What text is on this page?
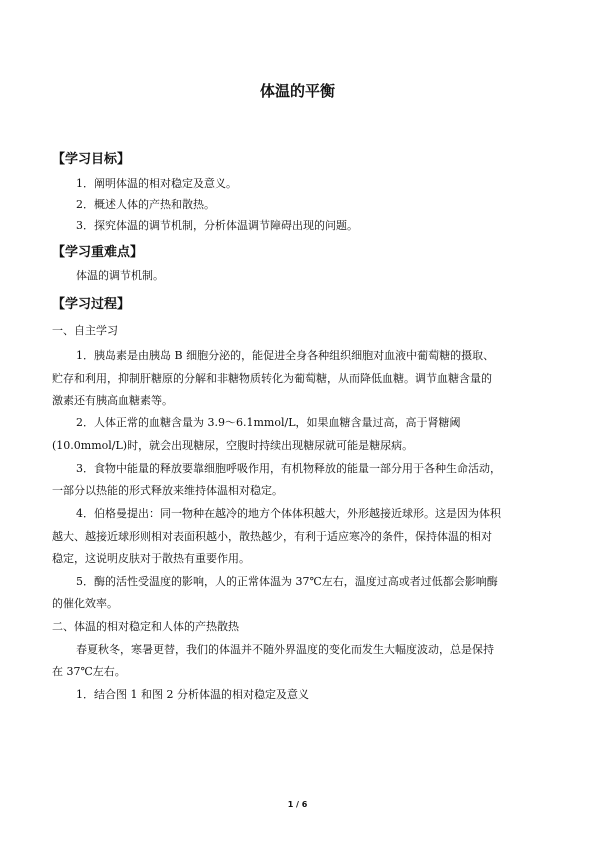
体温的平衡
【学习目标】
1．阐明体温的相对稳定及意义。
2．概述人体的产热和散热。
3．探究体温的调节机制，分析体温调节障碍出现的问题。
【学习重难点】
体温的调节机制。
【学习过程】
一、自主学习
1．胰岛素是由胰岛 B 细胞分泌的，能促进全身各种组织细胞对血液中葡萄糖的摄取、
贮存和利用，抑制肝糖原的分解和非糖物质转化为葡萄糖，从而降低血糖。调节血糖含量的
激素还有胰高血糖素等。
2．人体正常的血糖含量为 3.9～6.1mmol/L，如果血糖含量过高，高于肾糖阈
(10.0mmol/L)时，就会出现糖尿，空腹时持续出现糖尿就可能是糖尿病。
3．食物中能量的释放要靠细胞呼吸作用，有机物释放的能量一部分用于各种生命活动，
一部分以热能的形式释放来维持体温相对稳定。
4．伯格曼提出：同一物种在越冷的地方个体体积越大，外形越接近球形。这是因为体积
越大、越接近球形则相对表面积越小，散热越少，有利于适应寒冷的条件，保持体温的相对
稳定，这说明皮肤对于散热有重要作用。
5．酶的活性受温度的影响，人的正常体温为 37℃左右，温度过高或者过低都会影响酶
的催化效率。
二、体温的相对稳定和人体的产热散热
春夏秋冬，寒暑更替，我们的体温并不随外界温度的变化而发生大幅度波动，总是保持
在 37℃左右。
1．结合图 1 和图 2 分析体温的相对稳定及意义
1 / 6
